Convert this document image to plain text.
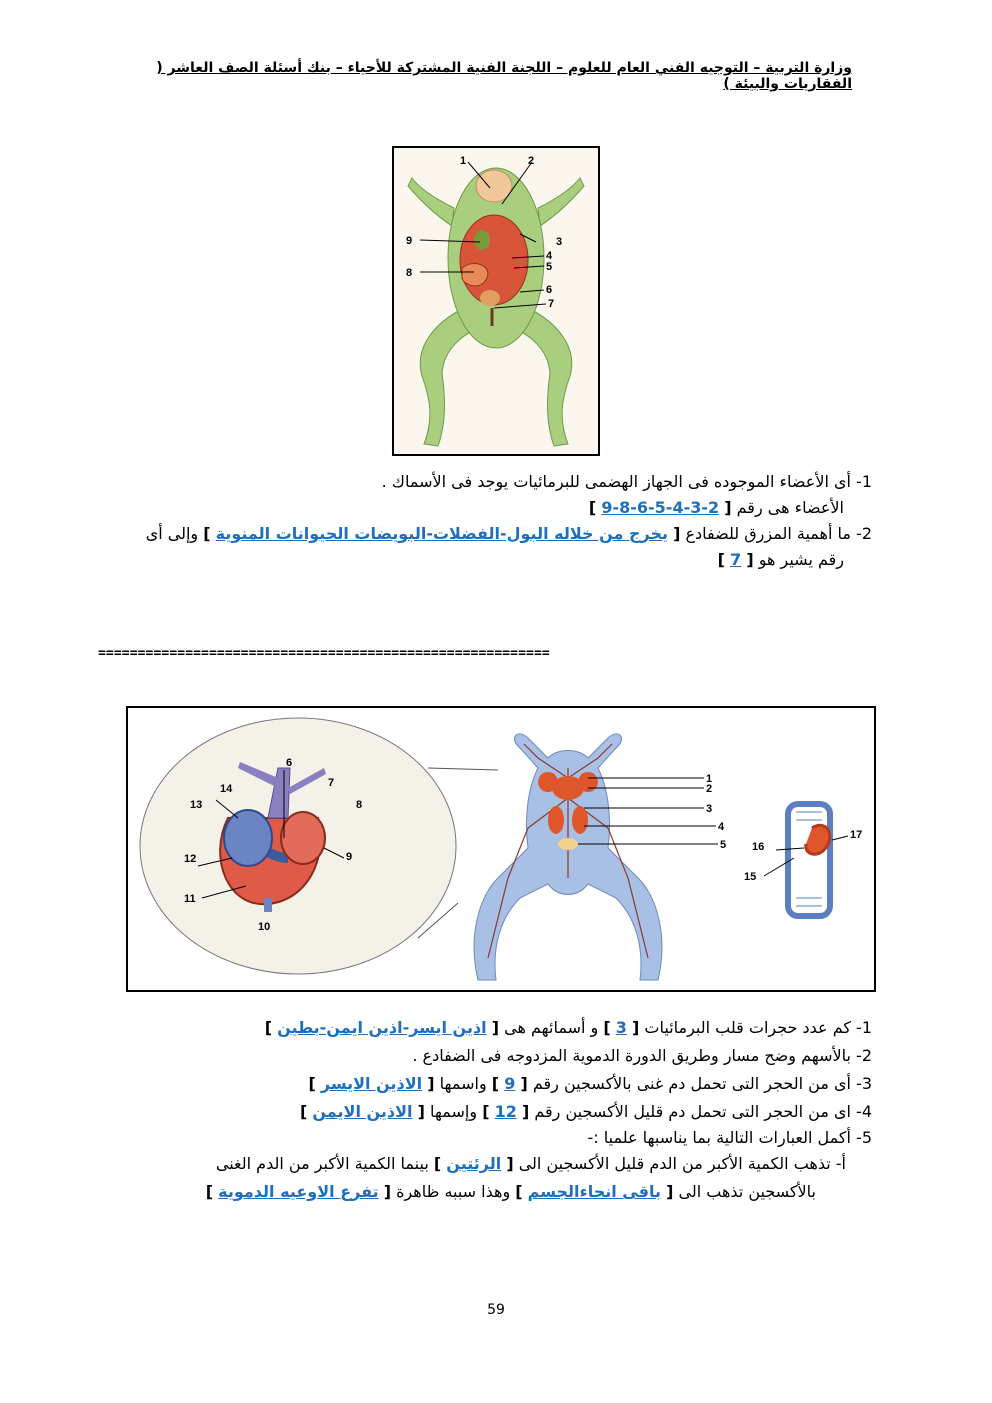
وزارة التربية – التوجيه الفني العام للعلوم – اللجنة الفنية المشتركة للأحياء – بنك أسئلة الصف العاشر ( الفقاريات والبيئة )
1	2
3
4
5
6
7
8
9
1- أى الأعضاء الموجوده فى الجهاز الهضمى للبرمائيات يوجد فى الأسماك .
الأعضاء هى رقم [ 2-3-4-5-6-8-9 ]
2- ما أهمية المزرق للضفادع [ يخرج من خلاله البول-الفضلات-البويضات الحيوانات المنوية ] وإلى أى
رقم يشير هو [ 7 ]
=========================================================
6
7
8
9
10
11
12
13
14
1
2
3
4
5
15
16
17
1- كم عدد حجرات قلب البرمائيات [ 3 ] و أسمائهم هى [ اذين ايسر-اذين ايمن-بطين ]
2- بالأسهم وضح مسار وطريق الدورة الدموية المزدوجه فى الضفادع .
3- أى من الحجر التى تحمل دم غنى بالأكسجين رقم [ 9 ] واسمها [ الاذين الايسر ]
4- اى من الحجر التى تحمل دم قليل الأكسجين رقم [ 12 ] وإسمها [ الاذين الايمن ]
5- أكمل العبارات التالية بما يناسبها علميا :-
أ- تذهب الكمية الأكبر من الدم قليل الأكسجين الى [ الرئتين ] بينما الكمية الأكبر من الدم الغنى
بالأكسجين تذهب الى [ باقى انحاءالجسم ] وهذا سببه ظاهرة [ تفرع الاوعيه الدموية ]
59
